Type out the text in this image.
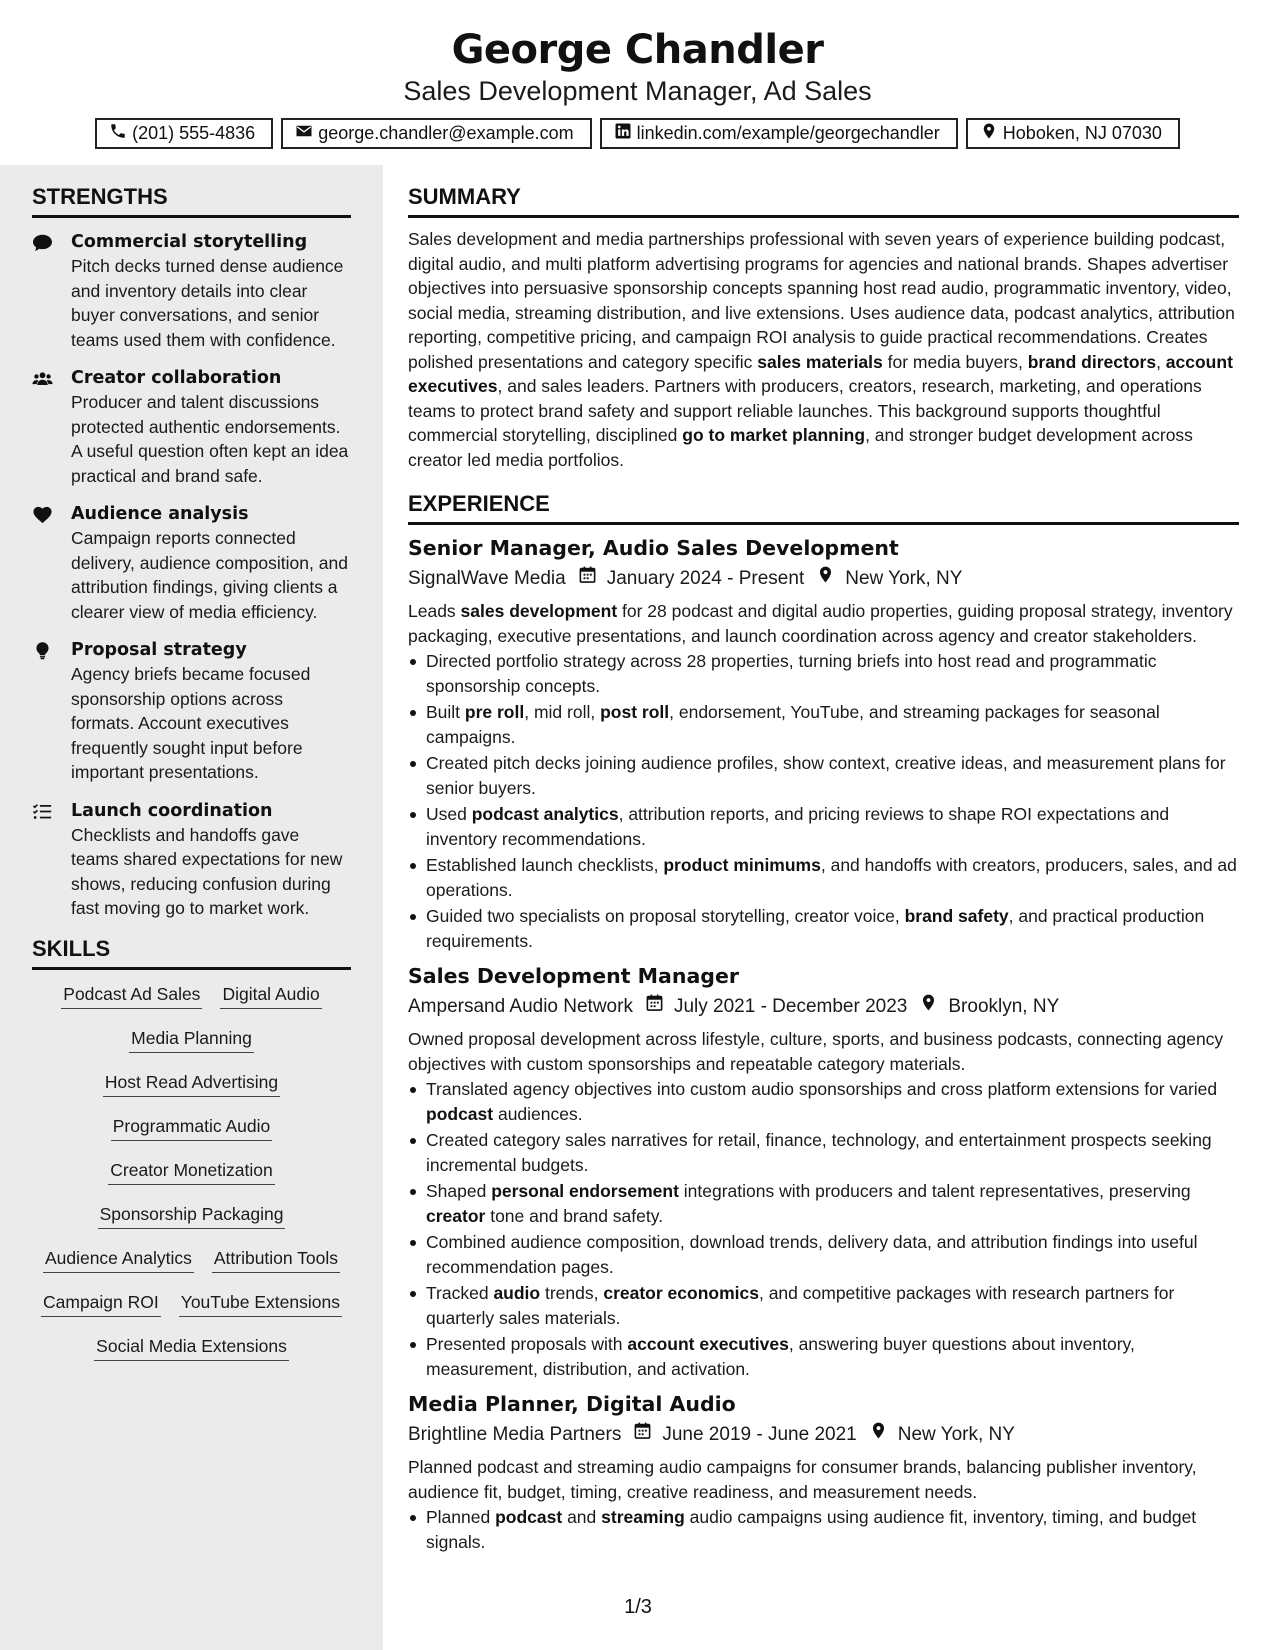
George Chandler
Sales Development Manager, Ad Sales
(201) 555-4836	george.chandler@example.com	linkedin.com/example/georgechandler	Hoboken, NJ 07030
STRENGTHS
Commercial storytelling
Pitch decks turned dense audience and inventory details into clear buyer conversations, and senior teams used them with confidence.
Creator collaboration
Producer and talent discussions protected authentic endorsements. A useful question often kept an idea practical and brand safe.
Audience analysis
Campaign reports connected delivery, audience composition, and attribution findings, giving clients a clearer view of media efficiency.
Proposal strategy
Agency briefs became focused sponsorship options across formats. Account executives frequently sought input before important presentations.
Launch coordination
Checklists and handoffs gave teams shared expectations for new shows, reducing confusion during fast moving go to market work.
SKILLS
Podcast Ad Sales Digital Audio
Media Planning
Host Read Advertising
Programmatic Audio
Creator Monetization
Sponsorship Packaging
Audience Analytics Attribution Tools
Campaign ROI YouTube Extensions
Social Media Extensions
SUMMARY

Sales development and media partnerships professional with seven years of experience building podcast, digital audio, and multi platform advertising programs for agencies and national brands. Shapes advertiser objectives into persuasive sponsorship concepts spanning host read audio, programmatic inventory, video, social media, streaming distribution, and live extensions. Uses audience data, podcast analytics, attribution reporting, competitive pricing, and campaign ROI analysis to guide practical recommendations. Creates polished presentations and category specific sales materials for media buyers, brand directors, account executives, and sales leaders. Partners with producers, creators, research, marketing, and operations teams to protect brand safety and support reliable launches. This background supports thoughtful commercial storytelling, disciplined go to market planning, and stronger budget development across creator led media portfolios.

EXPERIENCE
Senior Manager, Audio Sales Development
SignalWave Media January 2024 - Present New York, NY

Leads sales development for 28 podcast and digital audio properties, guiding proposal strategy, inventory packaging, executive presentations, and launch coordination across agency and creator stakeholders.

Directed portfolio strategy across 28 properties, turning briefs into host read and programmatic sponsorship concepts.
Built pre roll, mid roll, post roll, endorsement, YouTube, and streaming packages for seasonal campaigns.
Created pitch decks joining audience profiles, show context, creative ideas, and measurement plans for senior buyers.
Used podcast analytics, attribution reports, and pricing reviews to shape ROI expectations and inventory recommendations.
Established launch checklists, product minimums, and handoffs with creators, producers, sales, and ad operations.
Guided two specialists on proposal storytelling, creator voice, brand safety, and practical production requirements.
Sales Development Manager
Ampersand Audio Network July 2021 - December 2023 Brooklyn, NY

Owned proposal development across lifestyle, culture, sports, and business podcasts, connecting agency objectives with custom sponsorships and repeatable category materials.

Translated agency objectives into custom audio sponsorships and cross platform extensions for varied podcast audiences.
Created category sales narratives for retail, finance, technology, and entertainment prospects seeking incremental budgets.
Shaped personal endorsement integrations with producers and talent representatives, preserving creator tone and brand safety.
Combined audience composition, download trends, delivery data, and attribution findings into useful recommendation pages.
Tracked audio trends, creator economics, and competitive packages with research partners for quarterly sales materials.
Presented proposals with account executives, answering buyer questions about inventory, measurement, distribution, and activation.
Media Planner, Digital Audio
Brightline Media Partners June 2019 - June 2021 New York, NY

Planned podcast and streaming audio campaigns for consumer brands, balancing publisher inventory, audience fit, budget, timing, creative readiness, and measurement needs.

Planned podcast and streaming audio campaigns using audience fit, inventory, timing, and budget signals.
1/3
